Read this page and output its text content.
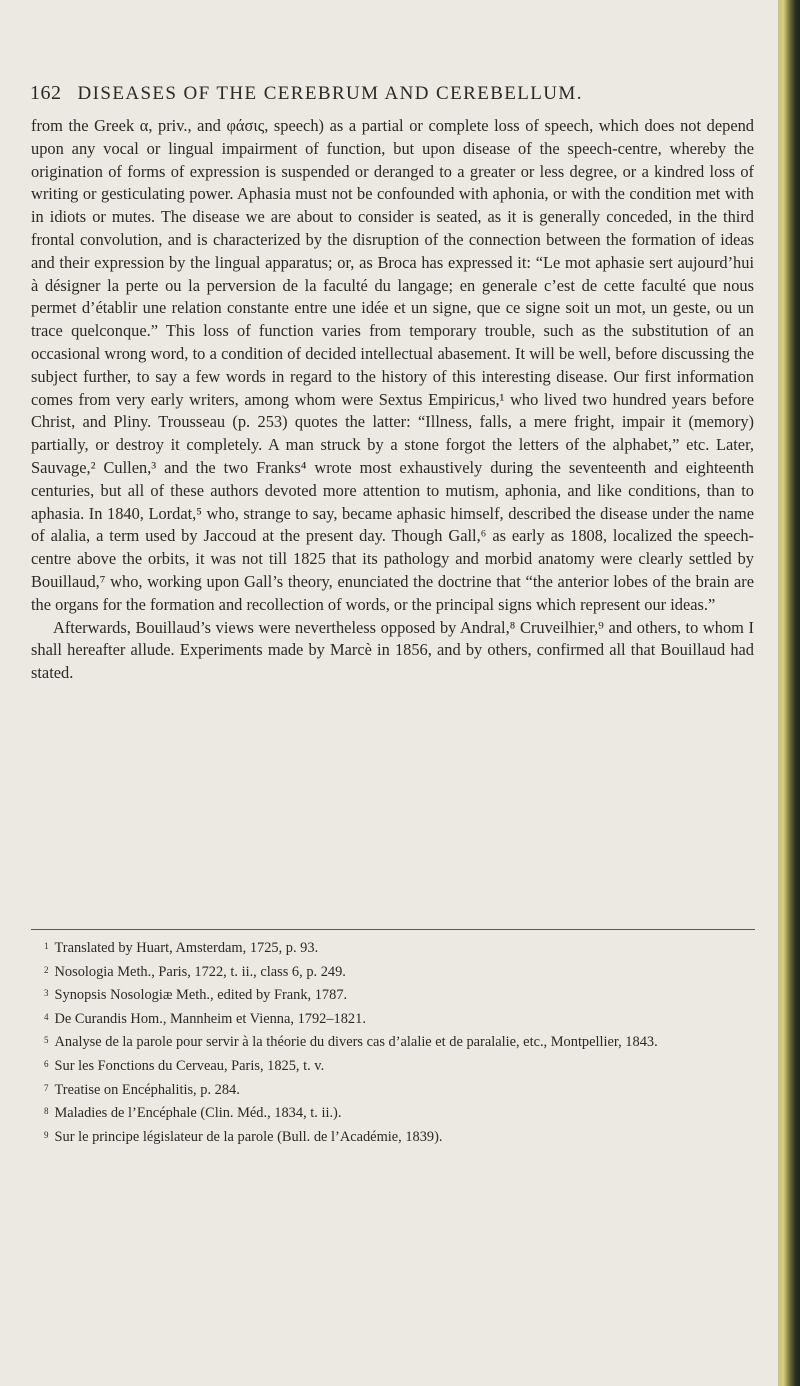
162 DISEASES OF THE CEREBRUM AND CEREBELLUM.

from the Greek α, priv., and φάσις, speech) as a partial or complete loss of speech, which does not depend upon any vocal or lingual impairment of function, but upon disease of the speech-centre, whereby the origination of forms of expression is suspended or deranged to a greater or less degree, or a kindred loss of writing or gesticulating power. Aphasia must not be confounded with aphonia, or with the condition met with in idiots or mutes. The disease we are about to consider is seated, as it is generally conceded, in the third frontal convolution, and is characterized by the disruption of the connection between the formation of ideas and their expression by the lingual apparatus; or, as Broca has expressed it: “Le mot aphasie sert aujourd’hui à désigner la perte ou la perversion de la faculté du langage; en generale c’est de cette faculté que nous permet d’établir une relation constante entre une idée et un signe, que ce signe soit un mot, un geste, ou un trace quelconque.” This loss of function varies from temporary trouble, such as the substitution of an occasional wrong word, to a condition of decided intellectual abasement. It will be well, before discussing the subject further, to say a few words in regard to the history of this interesting disease. Our first information comes from very early writers, among whom were Sextus Empiricus,¹ who lived two hundred years before Christ, and Pliny. Trousseau (p. 253) quotes the latter: “Illness, falls, a mere fright, impair it (memory) partially, or destroy it completely. A man struck by a stone forgot the letters of the alphabet,” etc. Later, Sauvage,² Cullen,³ and the two Franks⁴ wrote most exhaustively during the seventeenth and eighteenth centuries, but all of these authors devoted more attention to mutism, aphonia, and like conditions, than to aphasia. In 1840, Lordat,⁵ who, strange to say, became aphasic himself, described the disease under the name of alalia, a term used by Jaccoud at the present day. Though Gall,⁶ as early as 1808, localized the speech-centre above the orbits, it was not till 1825 that its pathology and morbid anatomy were clearly settled by Bouillaud,⁷ who, working upon Gall’s theory, enunciated the doctrine that “the anterior lobes of the brain are the organs for the formation and recollection of words, or the principal signs which represent our ideas.”

Afterwards, Bouillaud’s views were nevertheless opposed by Andral,⁸ Cruveilhier,⁹ and others, to whom I shall hereafter allude. Experiments made by Marcè in 1856, and by others, confirmed all that Bouillaud had stated.

$^1$ Translated by Huart, Amsterdam, 1725, p. 93.

$^2$ Nosologia Meth., Paris, 1722, t. ii., class 6, p. 249.

$^3$ Synopsis Nosologiæ Meth., edited by Frank, 1787.

$^4$ De Curandis Hom., Mannheim et Vienna, 1792–1821.

$^5$ Analyse de la parole pour servir à la théorie du divers cas d’alalie et de paralalie, etc., Montpellier, 1843.

$^6$ Sur les Fonctions du Cerveau, Paris, 1825, t. v.

$^7$ Treatise on Encéphalitis, p. 284.

$^8$ Maladies de l’Encéphale (Clin. Méd., 1834, t. ii.).

$^9$ Sur le principe législateur de la parole (Bull. de l’Académie, 1839).
